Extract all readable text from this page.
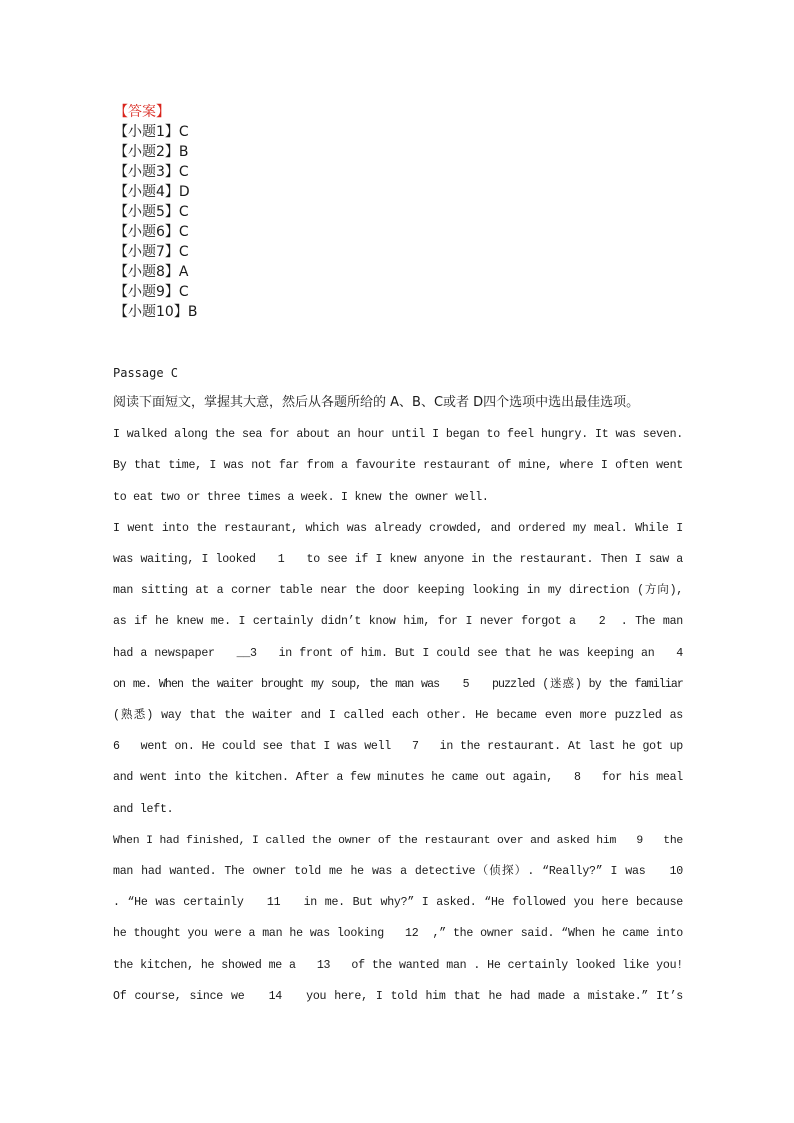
【答案】
【小题1】C
【小题2】B
【小题3】C
【小题4】D
【小题5】C
【小题6】C
【小题7】C
【小题8】A
【小题9】C
【小题10】B
Passage C
阅读下面短文，掌握其大意，然后从各题所给的 A、B、C或者 D四个选项中选出最佳选项。
I walked along the sea for about an hour until I began to feel hungry. It was seven.
By that time, I was not far from a favourite restaurant of mine, where I often went
to eat two or three times a week. I knew the owner well.
I went into the restaurant, which was already crowded, and ordered my meal. While I
was waiting, I looked   1   to see if I knew anyone in the restaurant. Then I saw a
man sitting at a corner table near the door keeping looking in my direction (方向),
as if he knew me. I certainly didn’t know him, for I never forgot a   2  . The man
had a newspaper   __3   in front of him. But I could see that he was keeping an   4
on me. When the waiter brought my soup, the man was   5   puzzled (迷惑) by the familiar
(熟悉) way that the waiter and I called each other. He became even more puzzled as
6   went on. He could see that I was well   7   in the restaurant. At last he got up
and went into the kitchen. After a few minutes he came out again,   8   for his meal
and left.
When I had finished, I called the owner of the restaurant over and asked him   9   the
man had wanted. The owner told me he was a detective（侦探）. “Really?” I was   10
. “He was certainly   11   in me. But why?” I asked. “He followed you here because
he thought you were a man he was looking   12  ,” the owner said. “When he came into
the kitchen, he showed me a   13   of the wanted man . He certainly looked like you!
Of course, since we   14   you here, I told him that he had made a mistake.” It’s
